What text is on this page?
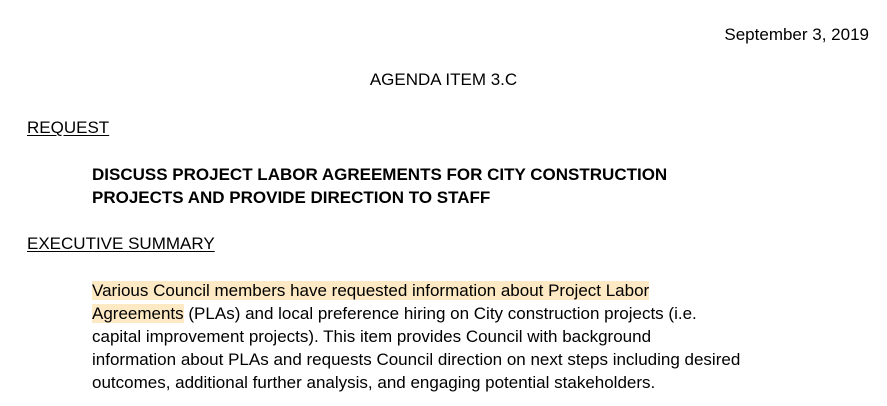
September 3, 2019
AGENDA ITEM 3.C
REQUEST
DISCUSS PROJECT LABOR AGREEMENTS FOR CITY CONSTRUCTION
PROJECTS AND PROVIDE DIRECTION TO STAFF
EXECUTIVE SUMMARY
Various Council members have requested information about Project Labor
Agreements (PLAs) and local preference hiring on City construction projects (i.e.
capital improvement projects). This item provides Council with background
information about PLAs and requests Council direction on next steps including desired
outcomes, additional further analysis, and engaging potential stakeholders.
